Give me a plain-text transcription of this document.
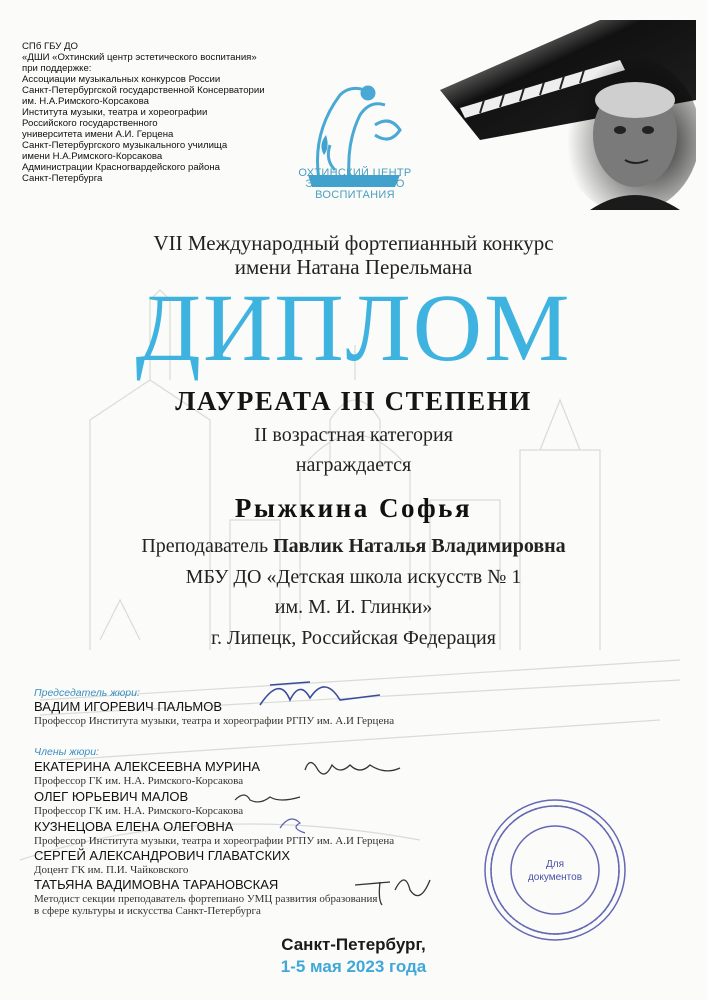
СПб ГБУ ДО
«ДШИ «Охтинский центр эстетического воспитания»
при поддержке:
Ассоциации музыкальных конкурсов России
Санкт-Петербургской государственной Консерватории
им. Н.А.Римского-Корсакова
Института музыки, театра и хореографии
Российского государственного
университета имени А.И. Герцена
Санкт-Петербургского музыкального училища
имени Н.А.Римского-Корсакова
Администрации Красногвардейского района
Санкт-Петербурга	ОХТИНСКИЙ ЦЕНТР
ЭСТЕТИЧЕСКОГО
ВОСПИТАНИЯ
VII Международный фортепианный конкурс
имени Натана Перельмана
ДИПЛОМ
ЛАУРЕАТА III СТЕПЕНИ
II возрастная категория
награждается
Рыжкина Софья
Преподаватель Павлик Наталья Владимировна
МБУ ДО «Детская школа искусств № 1
им. М. И. Глинки»
г. Липецк, Российская Федерация
Председатель жюри:
ВАДИМ ИГОРЕВИЧ ПАЛЬМОВ
Профессор Института музыки, театра и хореографии РГПУ им. А.И Герцена
Члены жюри:
ЕКАТЕРИНА АЛЕКСЕЕВНА МУРИНА
Профессор ГК им. Н.А. Римского-Корсакова
ОЛЕГ ЮРЬЕВИЧ МАЛОВ
Профессор ГК им. Н.А. Римского-Корсакова
КУЗНЕЦОВА ЕЛЕНА ОЛЕГОВНА
Профессор Института музыки, театра и хореографии РГПУ им. А.И Герцена
СЕРГЕЙ АЛЕКСАНДРОВИЧ ГЛАВАТСКИХ
Доцент ГК им. П.И. Чайковского
ТАТЬЯНА ВАДИМОВНА ТАРАНОВСКАЯ
Методист секции преподаватель фортепиано УМЦ развития образования
в сфере культуры и искусства Санкт-Петербурга
Для
документов
Санкт-Петербург,
1-5 мая 2023 года
